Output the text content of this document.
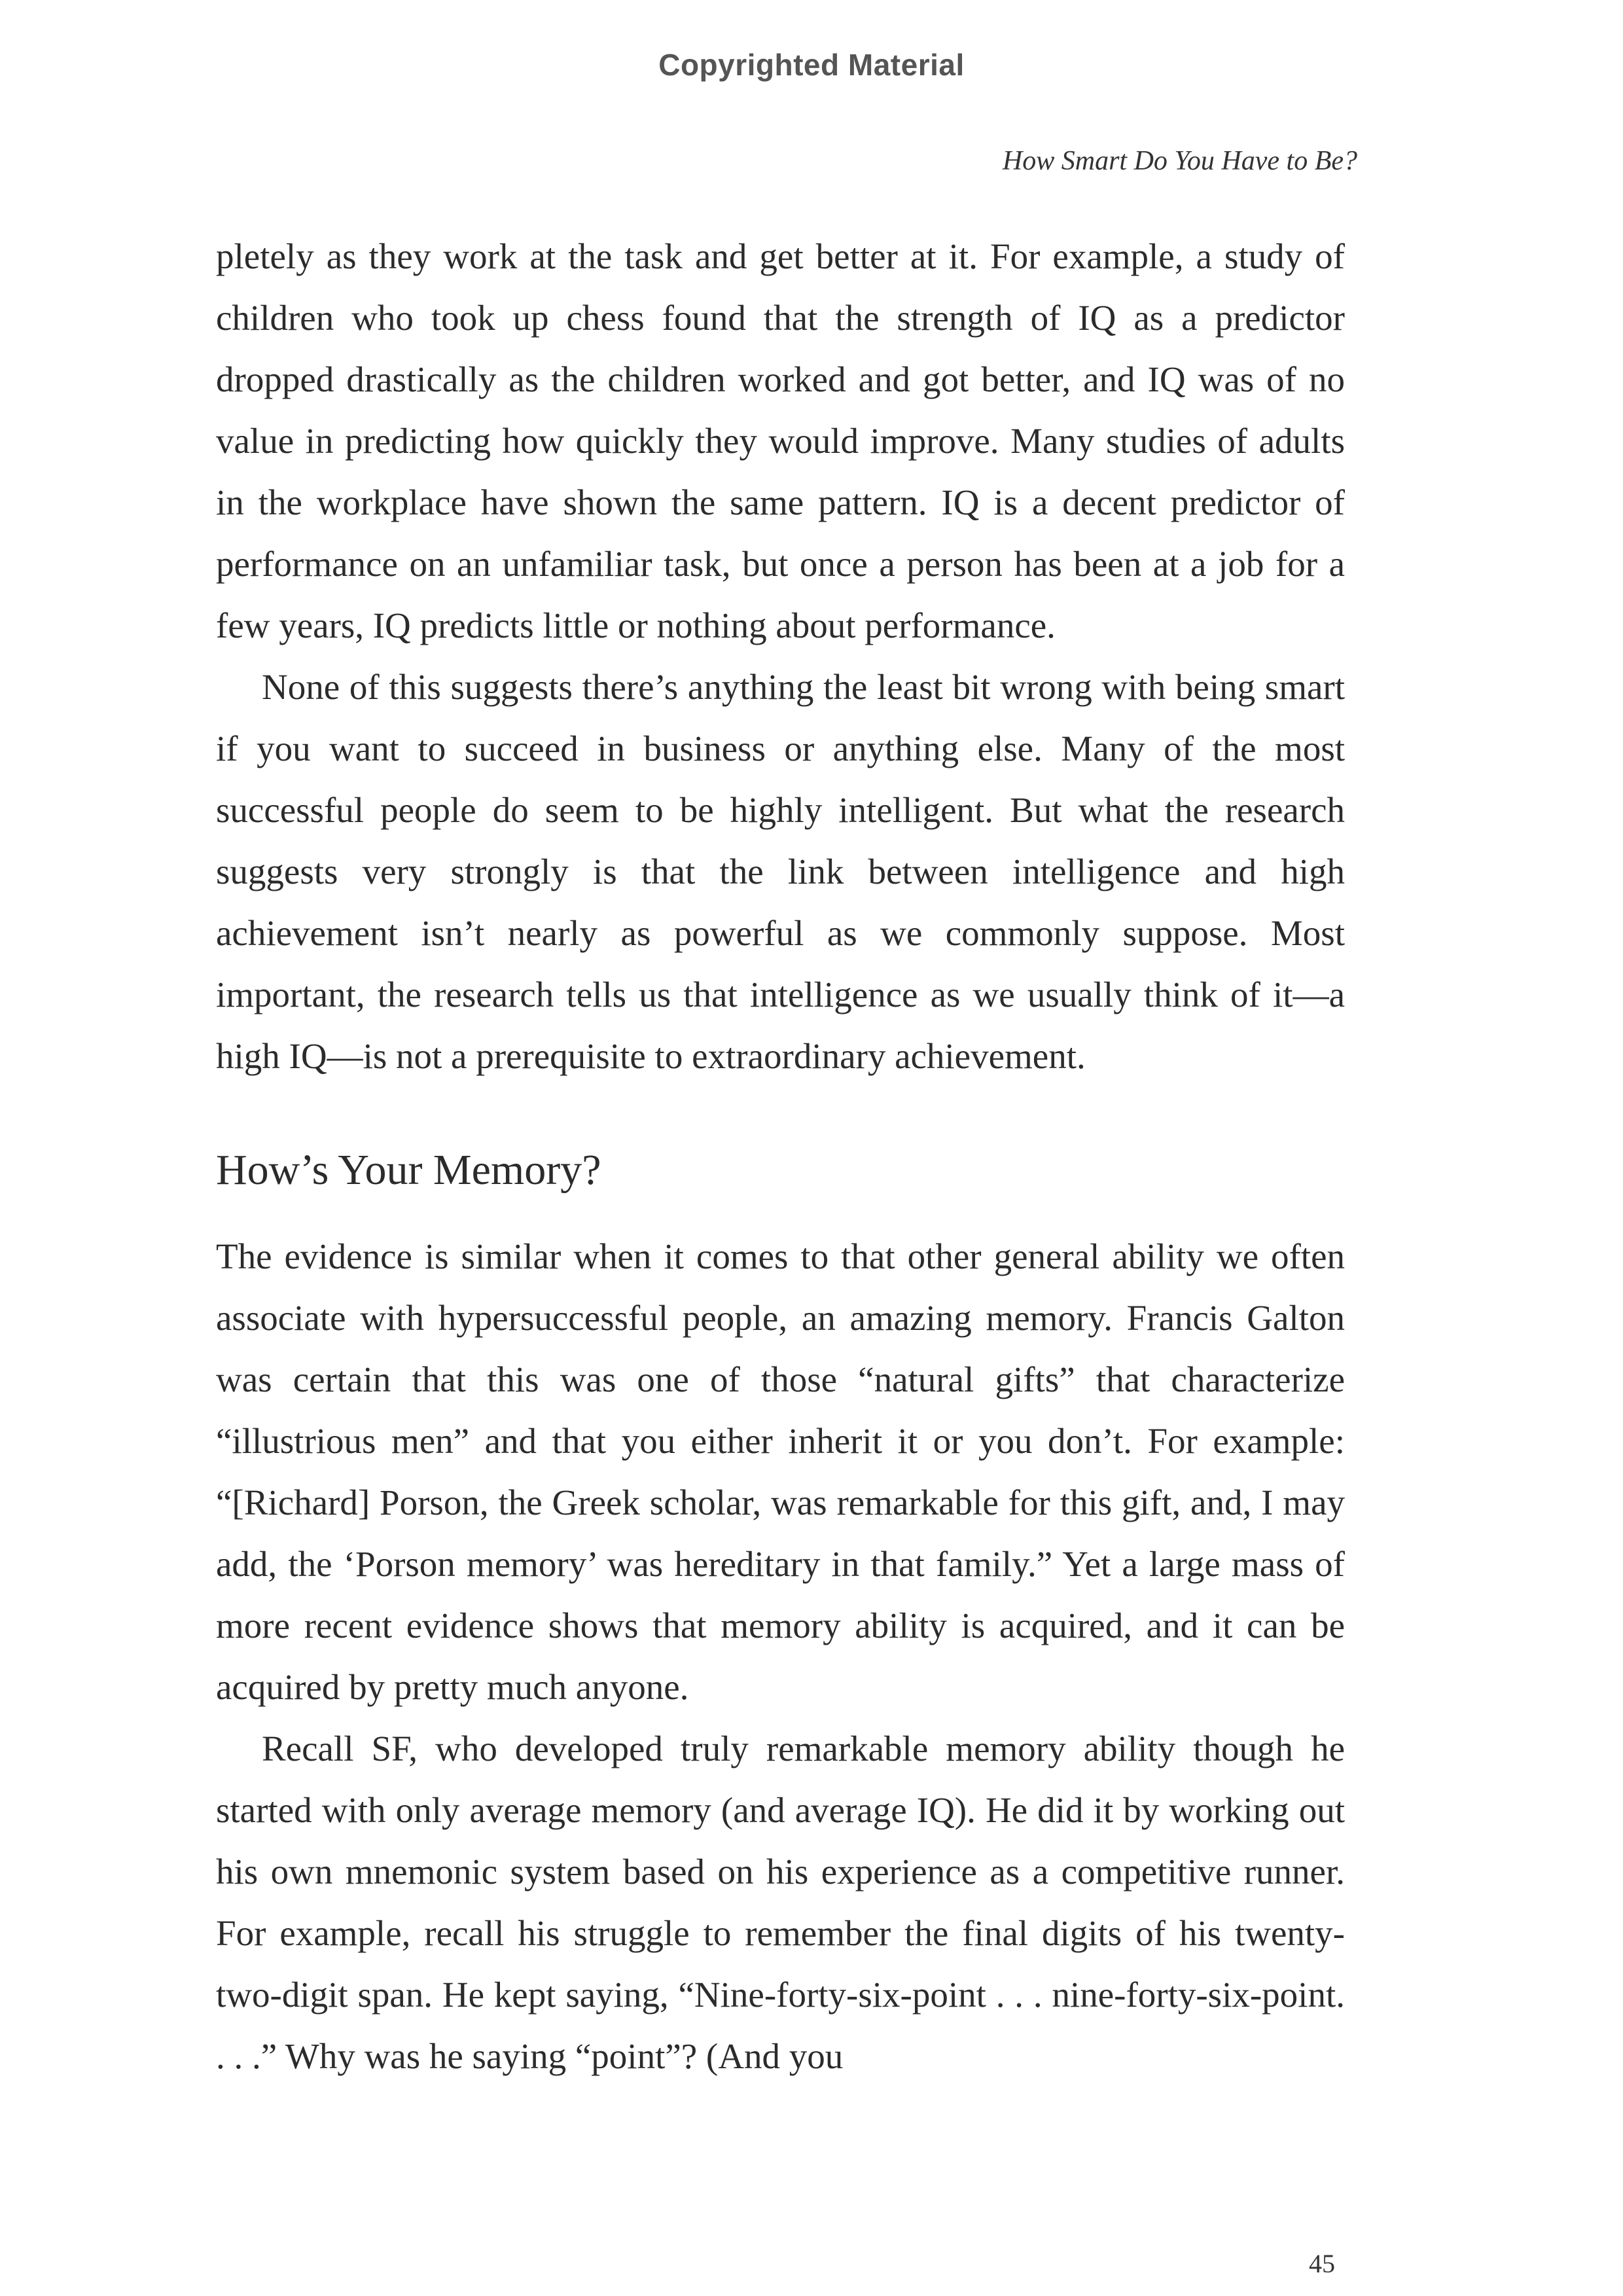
Copyrighted Material
How Smart Do You Have to Be?

pletely as they work at the task and get better at it. For example, a study of children who took up chess found that the strength of IQ as a predictor dropped drastically as the children worked and got better, and IQ was of no value in predicting how quickly they would improve. Many studies of adults in the workplace have shown the same pattern. IQ is a decent predictor of performance on an unfamiliar task, but once a person has been at a job for a few years, IQ predicts little or nothing about performance.

None of this suggests there’s anything the least bit wrong with being smart if you want to succeed in business or anything else. Many of the most successful people do seem to be highly intelligent. But what the research suggests very strongly is that the link between intelligence and high achievement isn’t nearly as powerful as we commonly suppose. Most important, the research tells us that intelligence as we usually think of it—a high IQ—is not a prerequisite to extraordinary achievement.

How’s Your Memory?

The evidence is similar when it comes to that other general ability we often associate with hypersuccessful people, an amazing memory. Francis Galton was certain that this was one of those “natural gifts” that characterize “illustrious men” and that you either inherit it or you don’t. For example: “[Richard] Porson, the Greek scholar, was remarkable for this gift, and, I may add, the ‘Porson memory’ was hereditary in that family.” Yet a large mass of more recent evidence shows that memory ability is acquired, and it can be acquired by pretty much anyone.

Recall SF, who developed truly remarkable memory ability though he started with only average memory (and average IQ). He did it by working out his own mnemonic system based on his experience as a competitive runner. For example, recall his struggle to remember the final digits of his twenty-two-digit span. He kept saying, “Nine-forty-six-point . . . nine-forty-six-point. . . .” Why was he saying “point”? (And you

45
